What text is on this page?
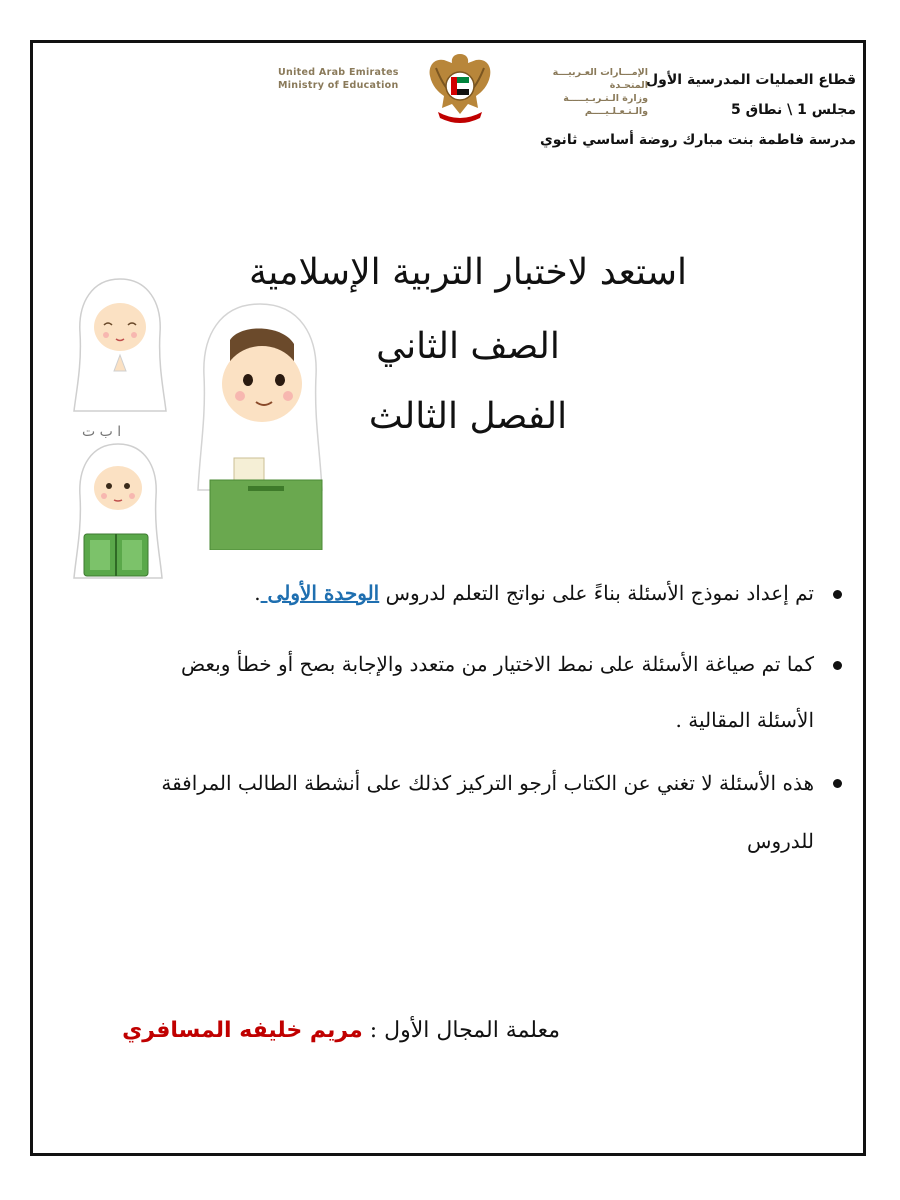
قطاع العمليات المدرسية الأول
مجلس 1 \ نطاق 5
مدرسة فاطمة بنت مبارك روضة أساسي ثانوي
United Arab Emirates
Ministry of Education
الإمـــارات العـربيـــة المتحـدة
وزارة الـتـربـيـــــة والـتـعـلـيــــم
استعد لاختبار التربية الإسلامية
الصف الثاني
الفصل الثالث
ا ب ت
تم إعداد نموذج الأسئلة بناءً على نواتج التعلم لدروس الوحدة الأولى .
كما تم صياغة الأسئلة على نمط الاختيار من متعدد والإجابة بصح أو خطأ وبعض الأسئلة المقالية .
هذه الأسئلة لا تغني عن الكتاب أرجو التركيز كذلك على أنشطة الطالب المرافقة للدروس
معلمة المجال الأول : مريم خليفه المسافري
